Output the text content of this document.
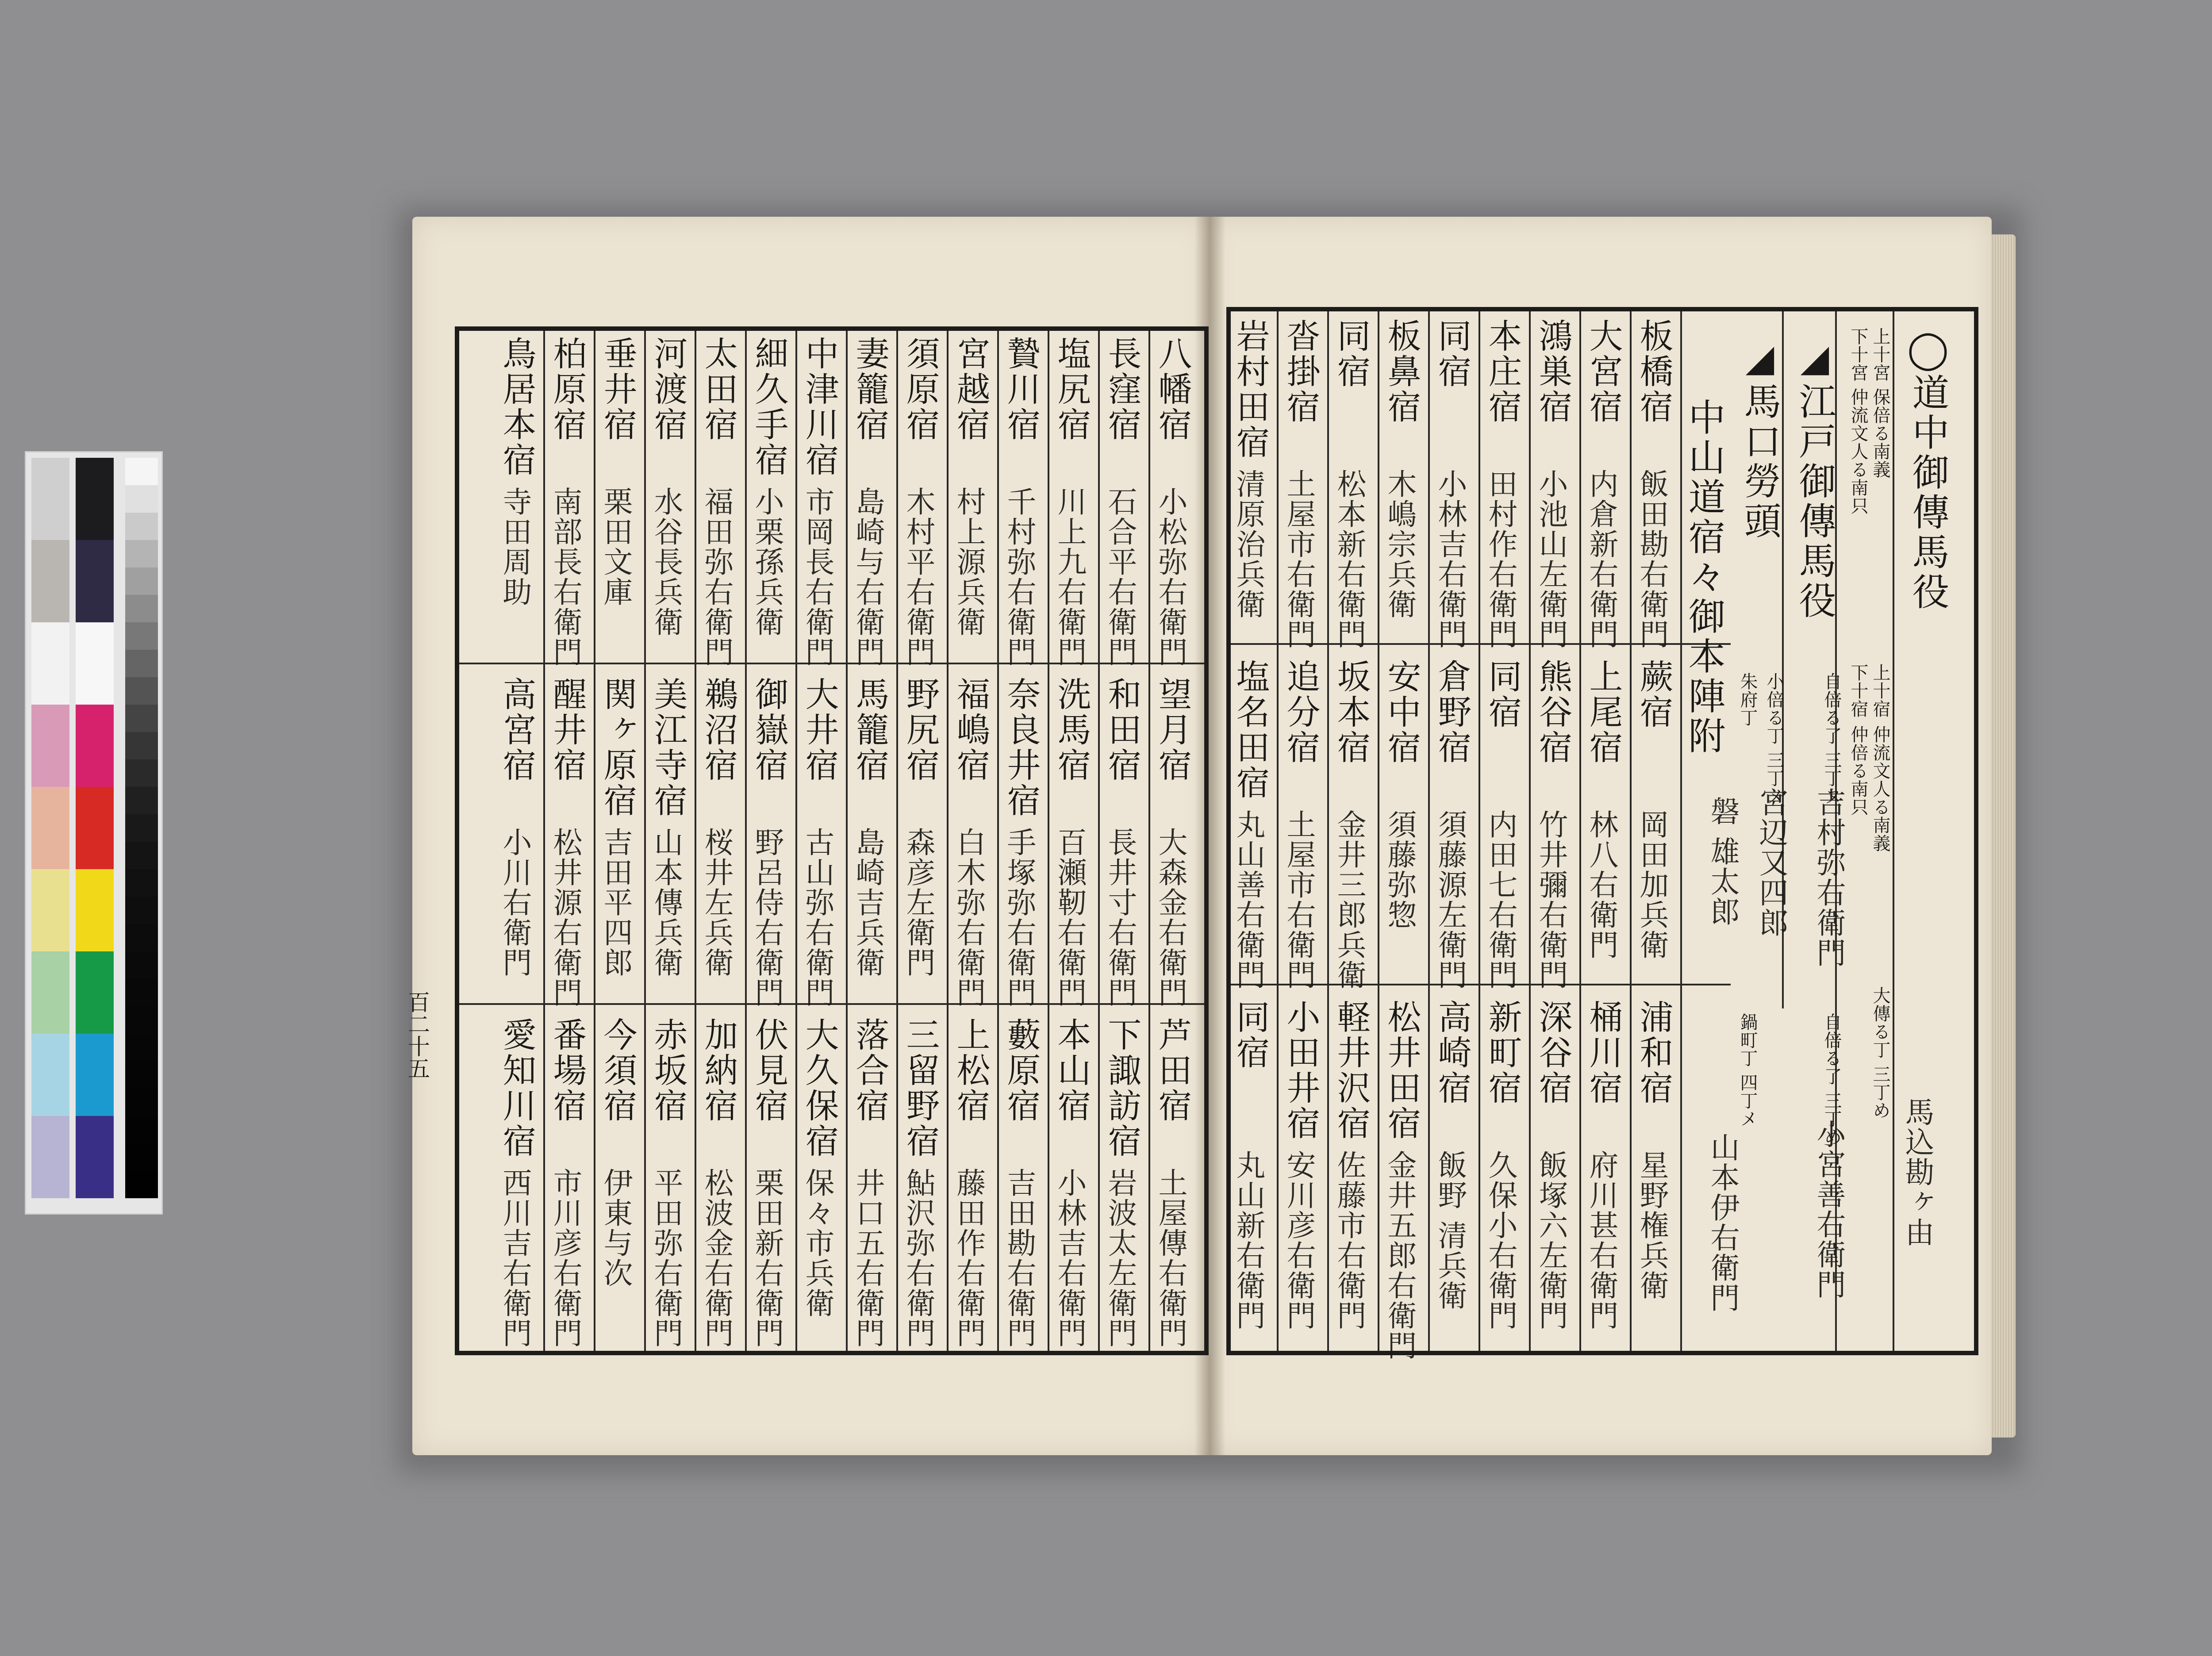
百二十五
◯道中御傳馬役
上十宮 保倍る南義
下十宮 仲流文人る南只
上十宿
下十宿
仲流文人る南義
仲倍る南只
大傳る丁 三丁め
馬込勘ヶ由
◢江戸御傳馬役
自倍る了 三丁ヌ
吉村弥右衛門
自倍る了 三丁め
小宮善右衛門
◢馬口勞頭
小倍る丁 三丁メ
宮辺又四郎
中山道宿々御本陣附 朱府丁
磐 雄太郎
鍋町丁 四丁メ
山本伊右衛門
板橋宿
飯田勘右衛門
蕨宿
岡田加兵衛
浦和宿
星野権兵衛
大宮宿
内倉新右衛門
上尾宿
林八右衛門
桶川宿
府川甚右衛門
鴻巣宿
小池山左衛門
熊谷宿
竹井彌右衛門
深谷宿
飯塚六左衛門
本庄宿
田村作右衛門
同宿
内田七右衛門
新町宿
久保小右衛門
同宿
小林吉右衛門
倉野宿
須藤源左衛門
高崎宿
飯野 清兵衛
板鼻宿
木嶋宗兵衛
安中宿
須藤弥惣
松井田宿
金井五郎右衛門
同宿
松本新右衛門
坂本宿
金井三郎兵衛
軽井沢宿
佐藤市右衛門
沓掛宿
土屋市右衛門
追分宿
土屋市右衛門
小田井宿
安川彦右衛門
岩村田宿
清原治兵衛
塩名田宿
丸山善右衛門
同宿
丸山新右衛門
八幡宿
小松弥右衛門
望月宿
大森金右衛門
芦田宿
土屋傳右衛門
長窪宿
石合平右衛門
和田宿
長井寸右衛門
下諏訪宿
岩波太左衛門
塩尻宿
川上九右衛門
洗馬宿
百瀬靭右衛門
本山宿
小林吉右衛門
贄川宿
千村弥右衛門
奈良井宿
手塚弥右衛門
藪原宿
吉田勘右衛門
宮越宿
村上源兵衛
福嶋宿
白木弥右衛門
上松宿
藤田作右衛門
須原宿
木村平右衛門
野尻宿
森彦左衛門
三留野宿
鮎沢弥右衛門
妻籠宿
島崎与右衛門
馬籠宿
島崎吉兵衛
落合宿
井口五右衛門
中津川宿
市岡長右衛門
大井宿
古山弥右衛門
大久保宿
保々市兵衛
細久手宿
小栗孫兵衛
御嶽宿
野呂侍右衛門
伏見宿
栗田新右衛門
太田宿
福田弥右衛門
鵜沼宿
桜井左兵衛
加納宿
松波金右衛門
河渡宿
水谷長兵衛
美江寺宿
山本傳兵衛
赤坂宿
平田弥右衛門
垂井宿
栗田文庫
関ヶ原宿
吉田平四郎
今須宿
伊東与次
柏原宿
南部長右衛門
醒井宿
松井源右衛門
番場宿
市川彦右衛門
鳥居本宿
寺田周助
高宮宿
小川右衛門
愛知川宿
西川吉右衛門
